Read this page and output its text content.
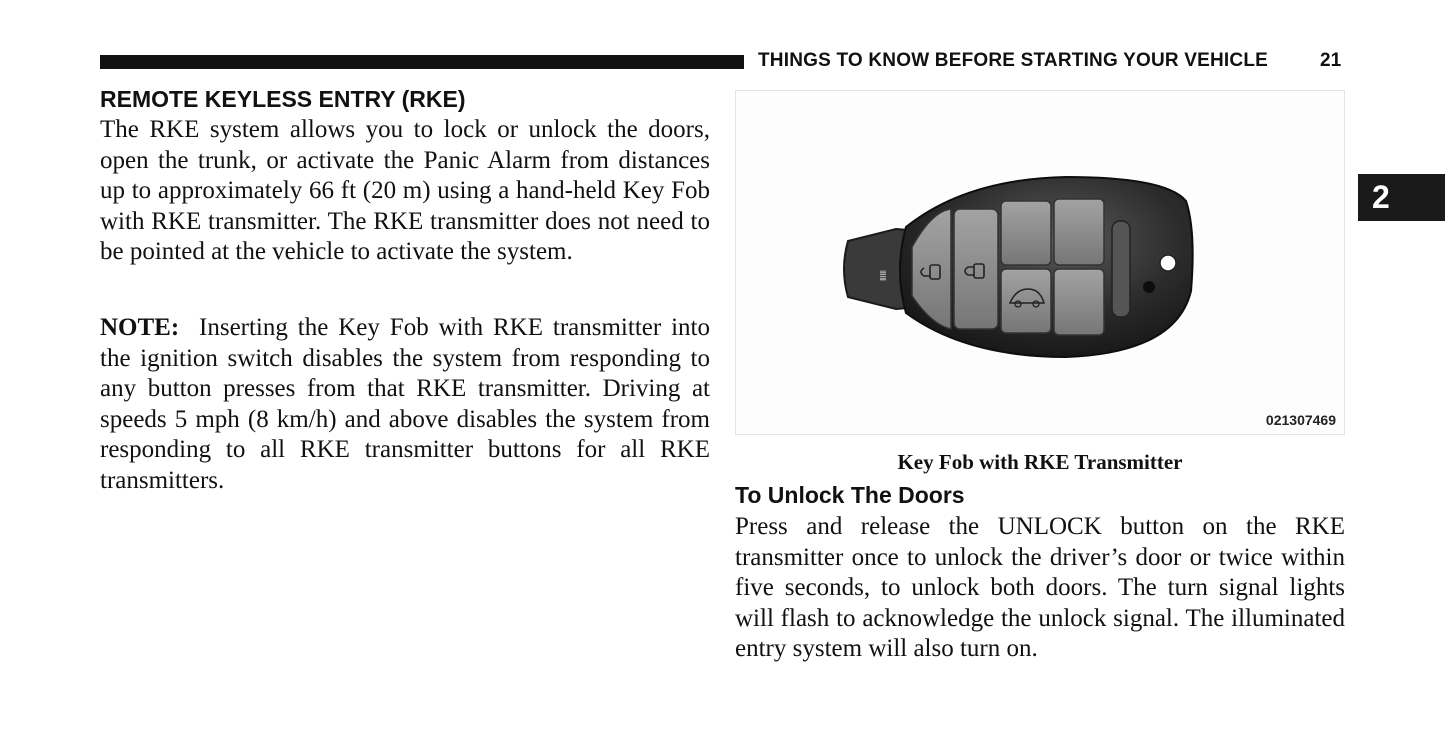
THINGS TO KNOW BEFORE STARTING YOUR VEHICLE	21
2
REMOTE KEYLESS ENTRY (RKE)

The RKE system allows you to lock or unlock the doors, open the trunk, or activate the Panic Alarm from distances up to approximately 66 ft (20 m) using a hand-held Key Fob with RKE transmitter. The RKE transmitter does not need to be pointed at the vehicle to activate the system.

NOTE: Inserting the Key Fob with RKE transmitter into the ignition switch disables the system from responding to any button presses from that RKE transmitter. Driving at speeds 5 mph (8 km/h) and above disables the system from responding to all RKE transmitter buttons for all RKE transmitters.

ⅢⅢ
021307469
Key Fob with RKE Transmitter
To Unlock The Doors

Press and release the UNLOCK button on the RKE transmitter once to unlock the driver’s door or twice within five seconds, to unlock both doors. The turn signal lights will flash to acknowledge the unlock signal. The illuminated entry system will also turn on.
